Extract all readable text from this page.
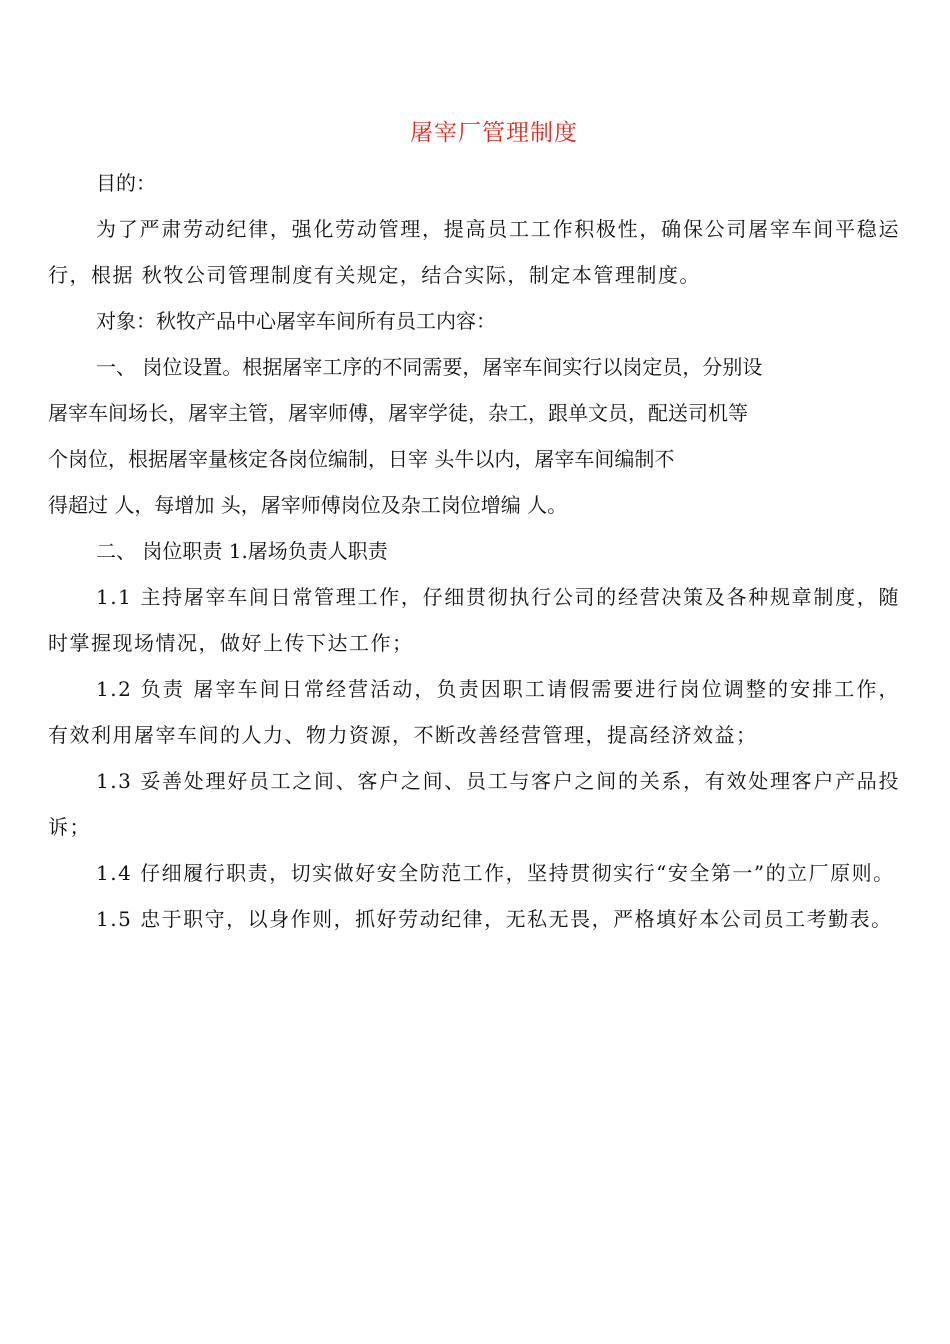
屠宰厂管理制度

目的：

为了严肃劳动纪律，强化劳动管理，提高员工工作积极性，确保公司屠宰车间平稳运行，根据 秋牧公司管理制度有关规定，结合实际，制定本管理制度。

对象：秋牧产品中心屠宰车间所有员工内容：

一、 岗位设置。根据屠宰工序的不同需要，屠宰车间实行以岗定员，分别设

屠宰车间场长，屠宰主管，屠宰师傅，屠宰学徒，杂工，跟单文员，配送司机等

个岗位，根据屠宰量核定各岗位编制，日宰 头牛以内，屠宰车间编制不

得超过 人，每增加 头，屠宰师傅岗位及杂工岗位增编 人。

二、 岗位职责 1.屠场负责人职责

1.1 主持屠宰车间日常管理工作，仔细贯彻执行公司的经营决策及各种规章制度，随时掌握现场情况，做好上传下达工作；

1.2 负责 屠宰车间日常经营活动，负责因职工请假需要进行岗位调整的安排工作，有效利用屠宰车间的人力、物力资源，不断改善经营管理，提高经济效益；

1.3 妥善处理好员工之间、客户之间、员工与客户之间的关系，有效处理客户产品投诉；

1.4 仔细履行职责，切实做好安全防范工作，坚持贯彻实行“安全第一”的立厂原则。

1.5 忠于职守，以身作则，抓好劳动纪律，无私无畏，严格填好本公司员工考勤表。
